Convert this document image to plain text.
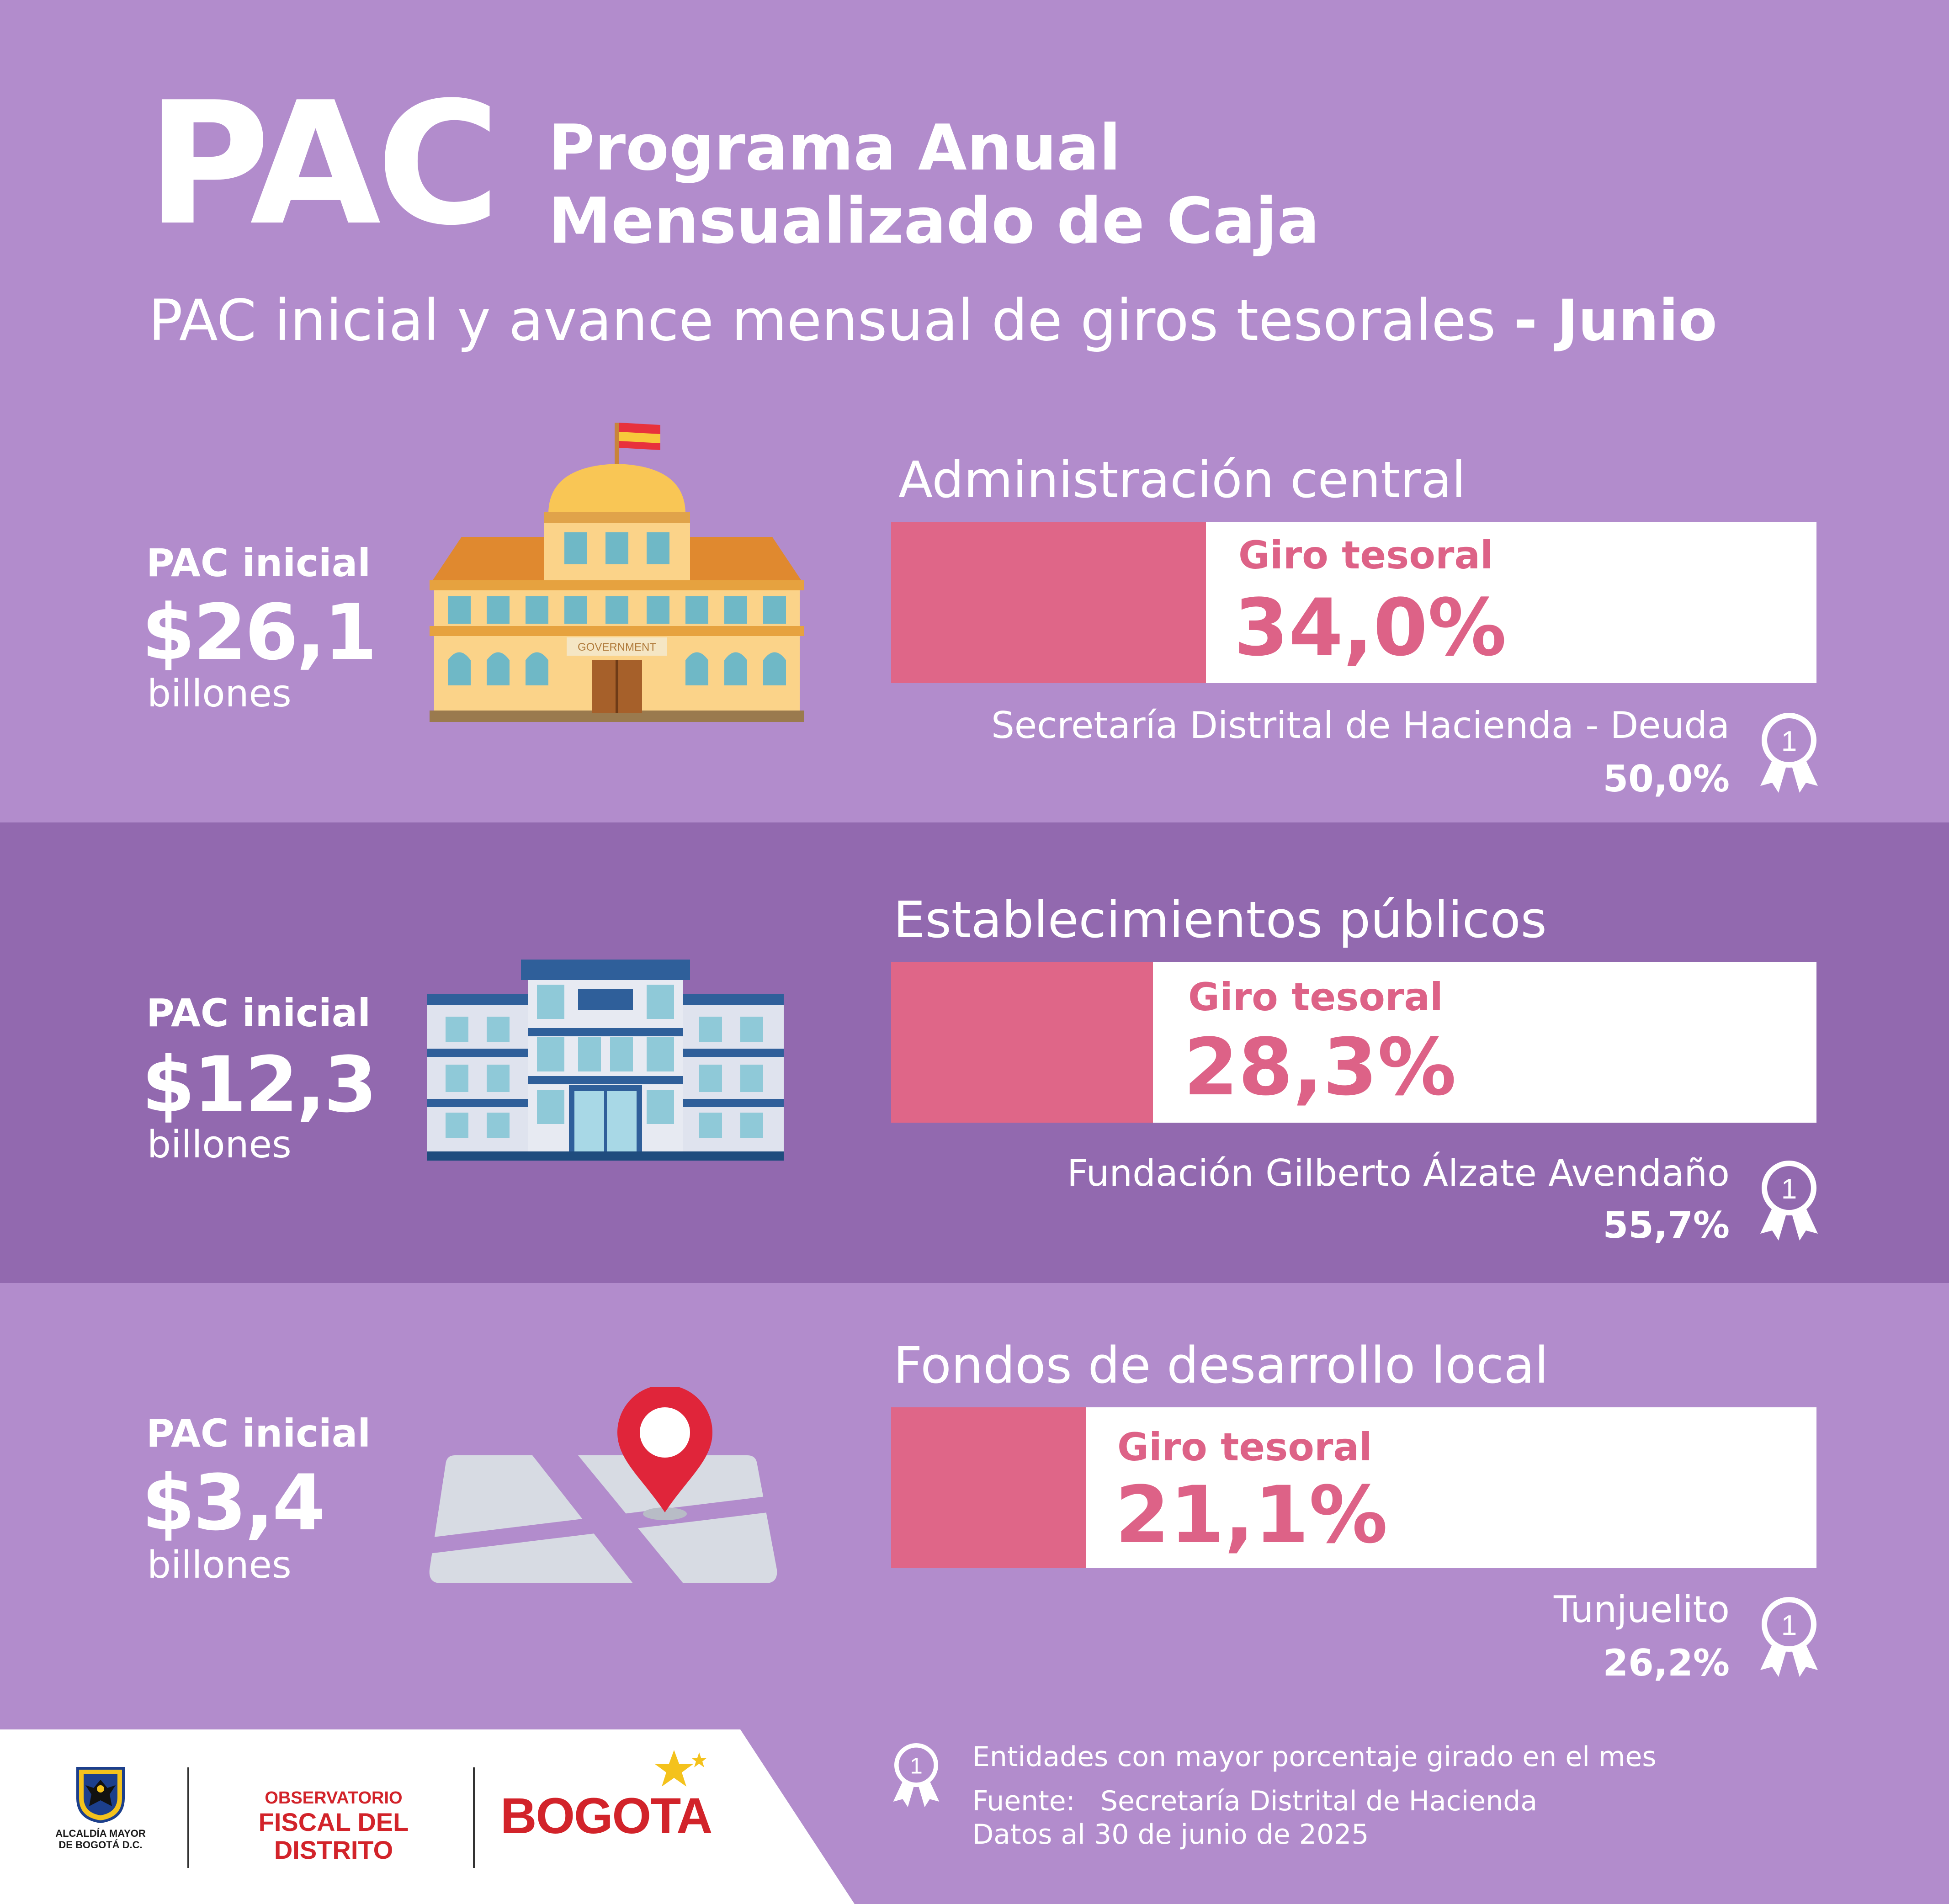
PAC Programa Anual
Mensualizado de Caja
PAC inicial y avance mensual de giros tesorales - Junio
PAC inicial
$26,1
billones
GOVERNMENT
Administración central
Giro tesoral
34,0%
Secretaría Distrital de Hacienda - Deuda
50,0%
1
PAC inicial
$12,3
billones
Establecimientos públicos
Giro tesoral
28,3%
Fundación Gilberto Álzate Avendaño
55,7%
1
PAC inicial
$3,4
billones
Fondos de desarrollo local
Giro tesoral
21,1%
Tunjuelito
26,2%
1
ALCALDÍA MAYOR
DE BOGOTÁ D.C.
OBSERVATORIO
FISCAL DEL DISTRITO
BOGOTA
1 Entidades con mayor porcentaje girado en el mes
Fuente: Secretaría Distrital de Hacienda
Datos al 30 de junio de 2025
